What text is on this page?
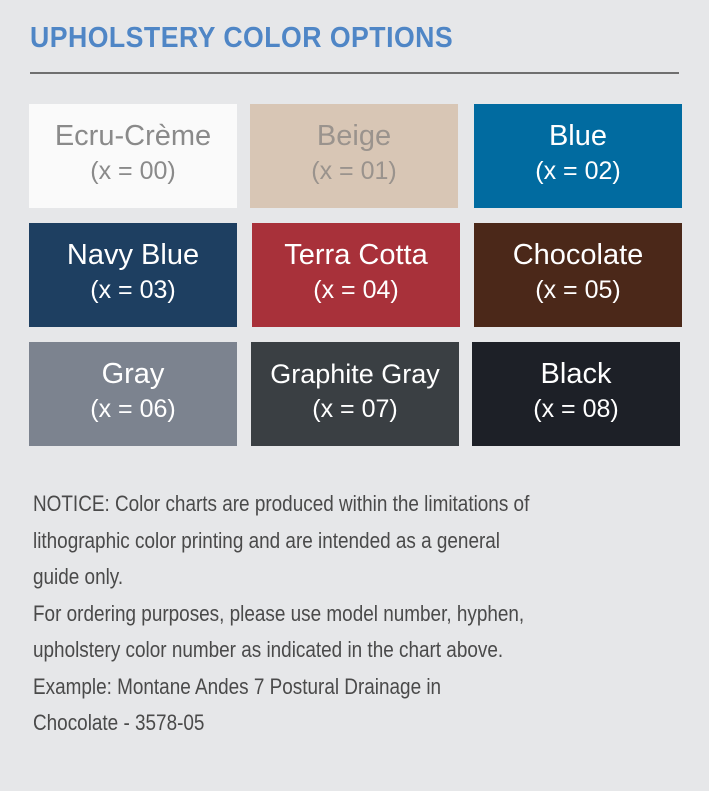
UPHOLSTERY COLOR OPTIONS
Ecru-Crème
(x = 00)
Beige
(x = 01)
Blue
(x = 02)
Navy Blue
(x = 03)
Terra Cotta
(x = 04)
Chocolate
(x = 05)
Gray
(x = 06)
Graphite Gray
(x = 07)
Black
(x = 08)
NOTICE: Color charts are produced within the limitations of
lithographic color printing and are intended as a general
guide only.
For ordering purposes, please use model number, hyphen,
upholstery color number as indicated in the chart above.
Example: Montane Andes 7 Postural Drainage in
Chocolate - 3578-05
